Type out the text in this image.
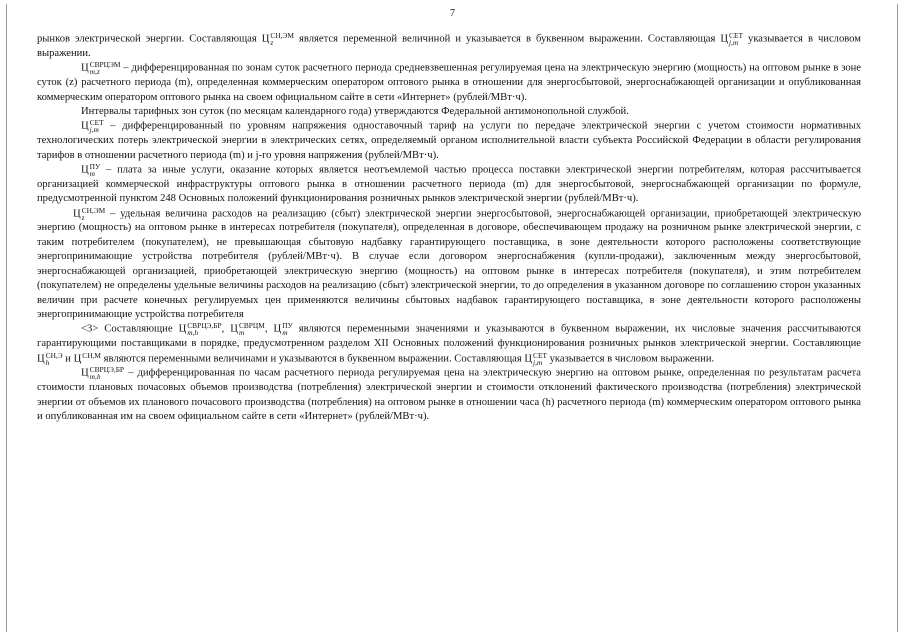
7

рынков электрической энергии. Составляющая Ц СН,ЭМ
z	является переменной величиной и указывается в буквенном выражении. Составляющая Ц СЕТ
j,m указывается в числовом выражении.

Ц СВРЦЭМ
m,z	– дифференцированная по зонам суток расчетного периода средневзвешенная регулируемая цена на электрическую энергию (мощность) на оптовом рынке в зоне суток (z) расчетного периода (m), определенная коммерческим оператором оптового рынка в отношении для энергосбытовой, энергоснабжающей организации и опубликованная коммерческим оператором оптового рынка на своем официальном сайте в сети «Интернет» (рублей/МВт·ч).

Интервалы тарифных зон суток (по месяцам календарного года) утверждаются Федеральной антимонопольной службой.

Ц СЕТ
j,m – дифференцированный по уровням напряжения одноставочный тариф на услуги по передаче электрической энергии с учетом стоимости нормативных технологических потерь электрической энергии в электрических сетях, определяемый органом исполнительной власти субъекта Российской Федерации в области регулирования тарифов в отношении расчетного периода (m) и j-го уровня напряжения (рублей/МВт·ч).

Ц ПУ
m – плата за иные услуги, оказание которых является неотъемлемой частью процесса поставки электрической энергии потребителям, которая рассчитывается организацией коммерческой инфраструктуры оптового рынка в отношении расчетного периода (m) для энергосбытовой, энергоснабжающей организации по формуле, предусмотренной пунктом 248 Основных положений функционирования розничных рынков электрической энергии (рублей/МВт·ч).

Ц СН,ЭМ
z	– удельная величина расходов на реализацию (сбыт) электрической энергии энергосбытовой, энергоснабжающей организации, приобретающей электрическую энергию (мощность) на оптовом рынке в интересах потребителя (покупателя), определенная в договоре, обеспечивающем продажу на розничном рынке электрической энергии, с таким потребителем (покупателем), не превышающая сбытовую надбавку гарантирующего поставщика, в зоне деятельности которого расположены соответствующие энергопринимающие устройства потребителя (рублей/МВт·ч). В случае если договором энергоснабжения (купли-продажи), заключенным между энергосбытовой, энергоснабжающей организацией, приобретающей электрическую энергию (мощность) на оптовом рынке в интересах потребителя (покупателя), и этим потребителем (покупателем) не определены удельные величины расходов на реализацию (сбыт) электрической энергии, то до определения в указанном договоре по соглашению сторон указанных величин при расчете конечных регулируемых цен применяются величины сбытовых надбавок гарантирующего поставщика, в зоне деятельности которого расположены энергопринимающие устройства потребителя

<3> Составляющие Ц СВРЦЭ,БР
m,h	, Ц СВРЦМ
m	, Ц ПУ
m являются переменными значениями и указываются в буквенном выражении, их числовые значения рассчитываются гарантирующими поставщиками в порядке, предусмотренном разделом XII Основных положений функционирования розничных рынков электрической энергии. Составляющие Ц СН,Э
h	и Ц СН,М
являются переменными величинами и указываются в буквенном выражении. Составляющая Ц СЕТ
j,m указывается в числовом выражении.

Ц СВРЦЭ,БР
m,h	– дифференцированная по часам расчетного периода регулируемая цена на электрическую энергию на оптовом рынке, определенная по результатам расчета стоимости плановых почасовых объемов производства (потребления) электрической энергии и стоимости отклонений фактического производства (потребления) электрической энергии от объемов их планового почасового производства (потребления) на оптовом рынке в отношении часа (h) расчетного периода (m) коммерческим оператором оптового рынка и опубликованная им на своем официальном сайте в сети «Интернет» (рублей/МВт·ч).
